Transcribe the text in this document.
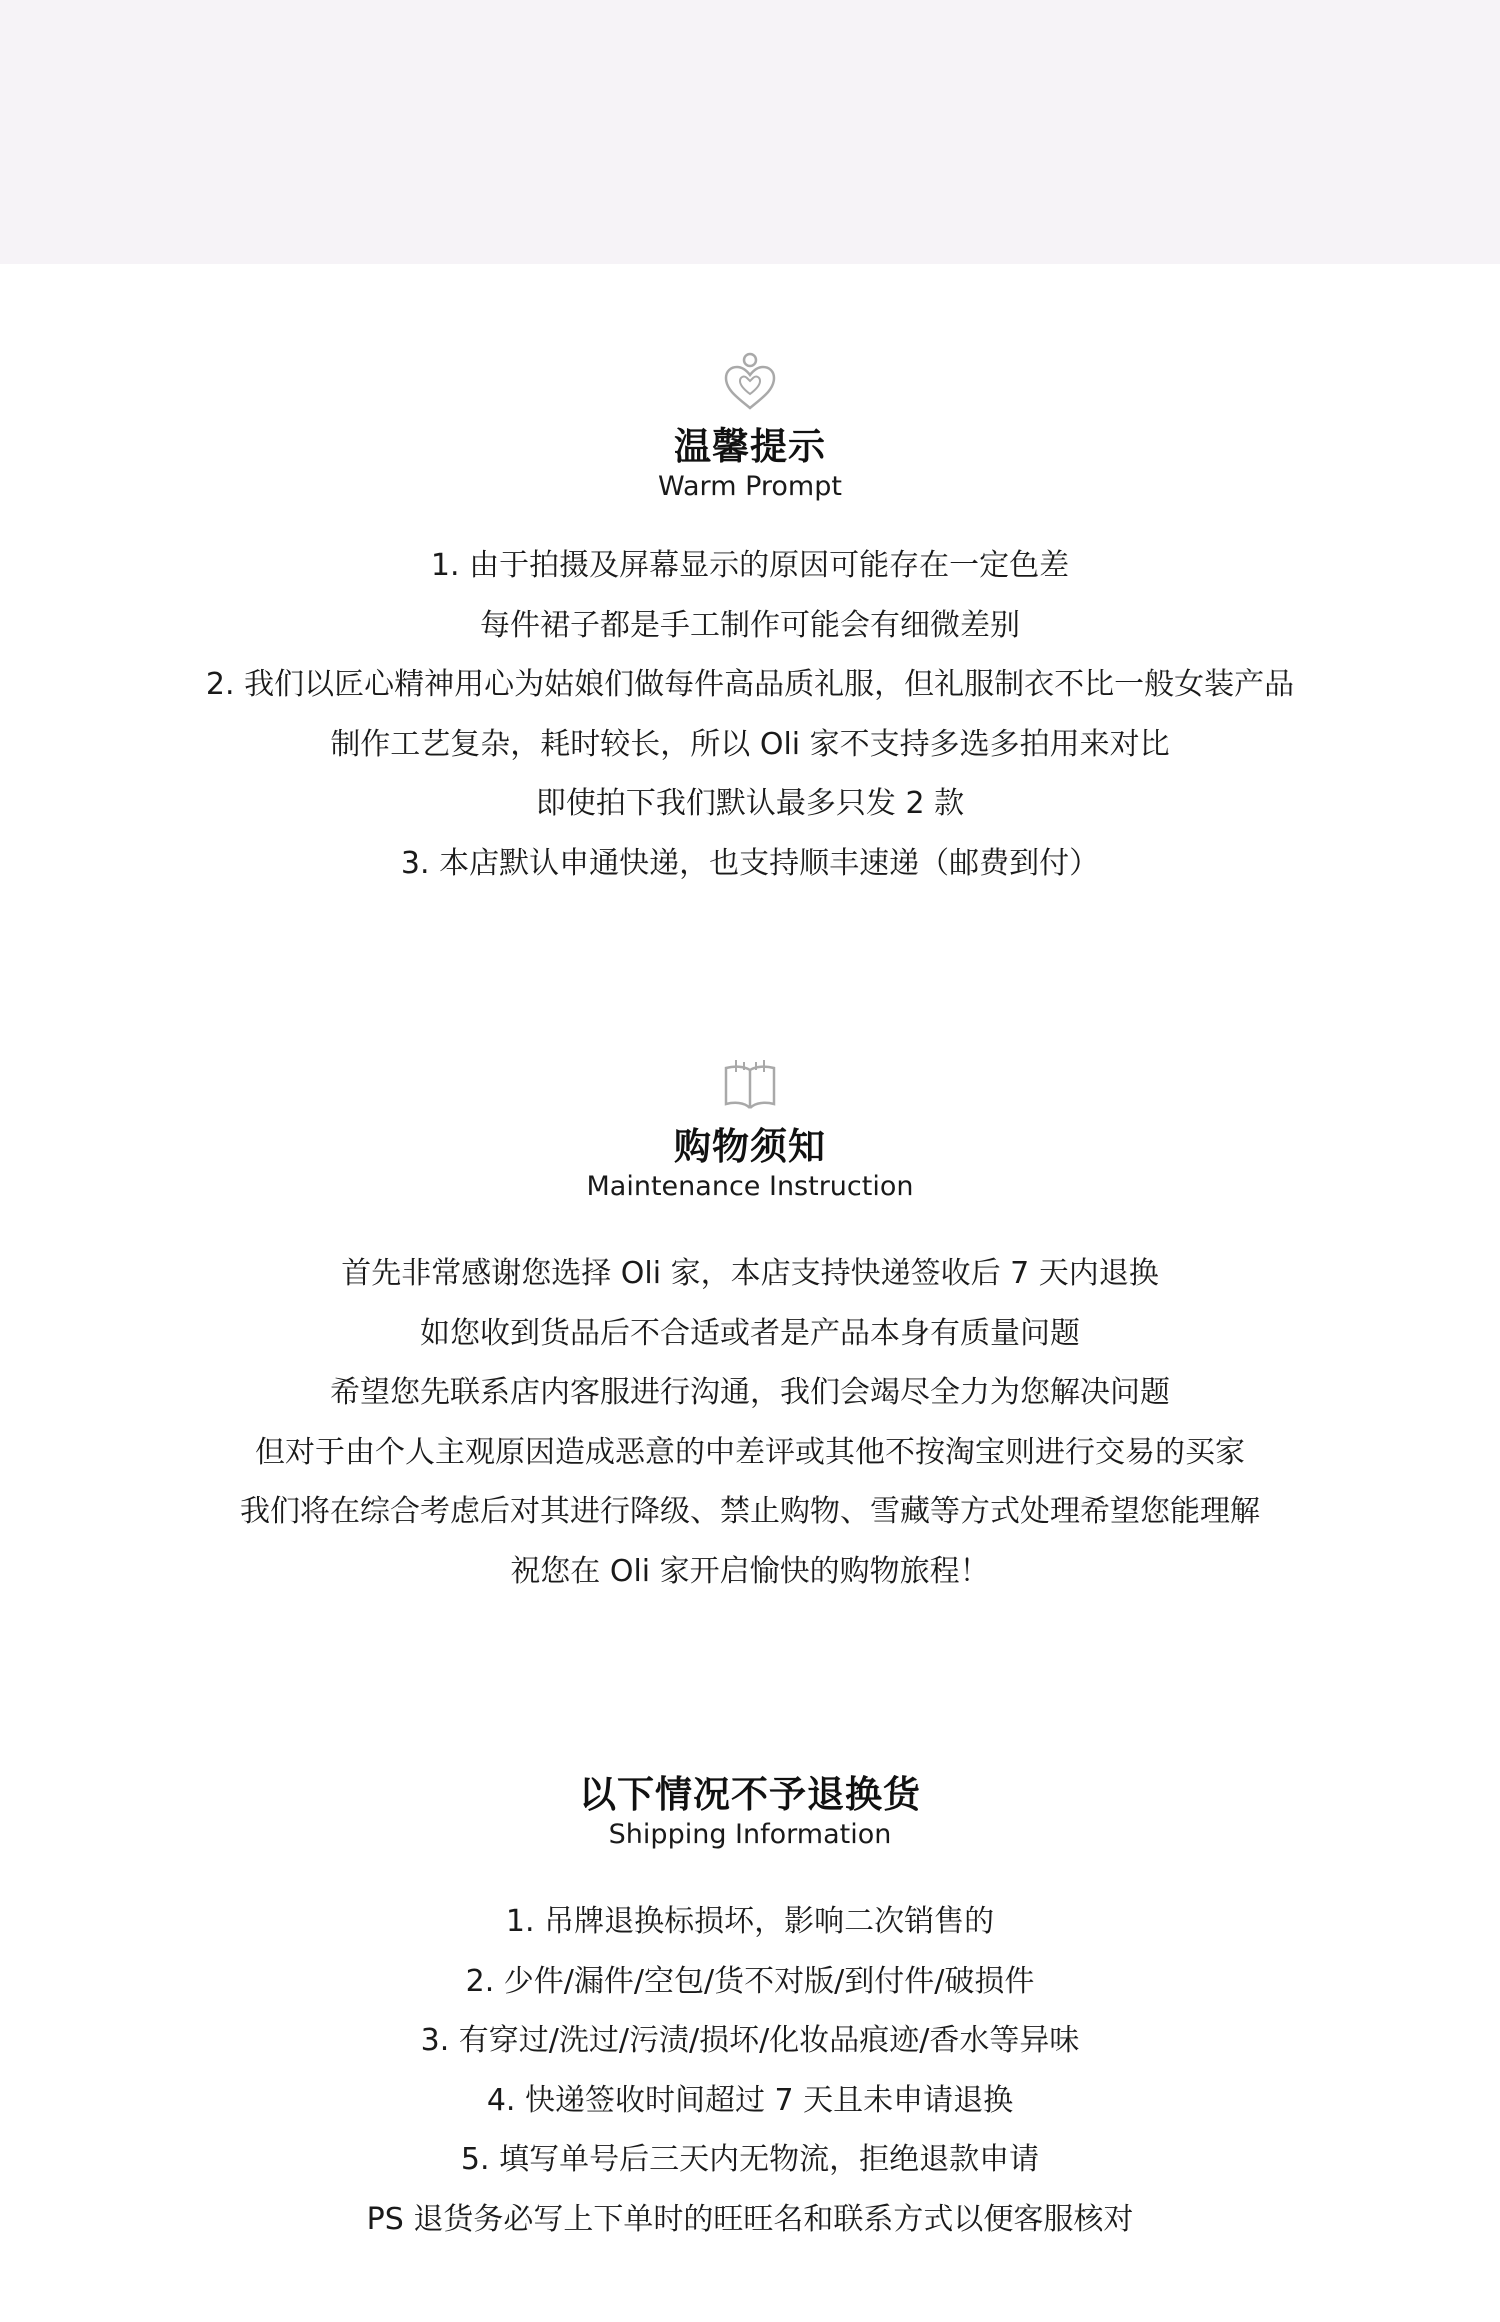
温馨提示
Warm Prompt
1. 由于拍摄及屏幕显示的原因可能存在一定色差
每件裙子都是手工制作可能会有细微差别
2. 我们以匠心精神用心为姑娘们做每件高品质礼服，但礼服制衣不比一般女装产品
制作工艺复杂，耗时较长，所以 Oli 家不支持多选多拍用来对比
即使拍下我们默认最多只发 2 款
3. 本店默认申通快递，也支持顺丰速递（邮费到付）
购物须知
Maintenance Instruction
首先非常感谢您选择 Oli 家，本店支持快递签收后 7 天内退换
如您收到货品后不合适或者是产品本身有质量问题
希望您先联系店内客服进行沟通，我们会竭尽全力为您解决问题
但对于由个人主观原因造成恶意的中差评或其他不按淘宝则进行交易的买家
我们将在综合考虑后对其进行降级、禁止购物、雪藏等方式处理希望您能理解
祝您在 Oli 家开启愉快的购物旅程！
以下情况不予退换货
Shipping Information
1. 吊牌退换标损坏，影响二次销售的
2. 少件/漏件/空包/货不对版/到付件/破损件
3. 有穿过/洗过/污渍/损坏/化妆品痕迹/香水等异味
4. 快递签收时间超过 7 天且未申请退换
5. 填写单号后三天内无物流，拒绝退款申请
PS 退货务必写上下单时的旺旺名和联系方式以便客服核对
